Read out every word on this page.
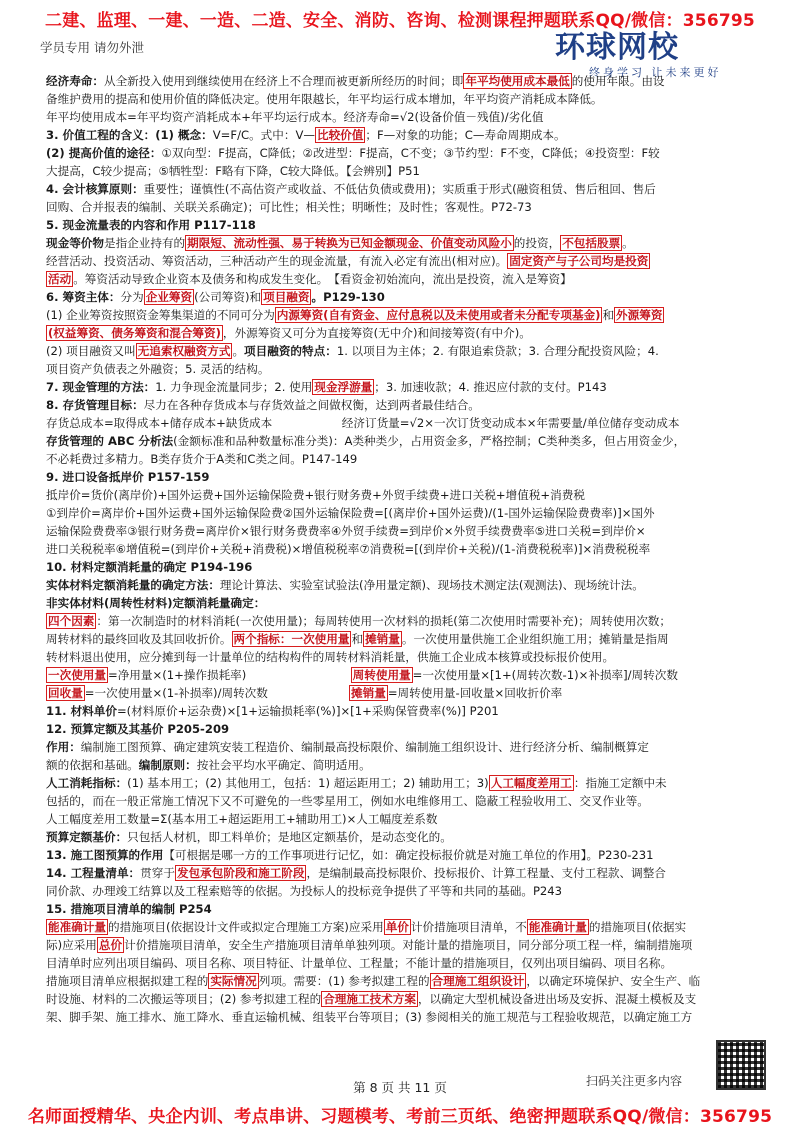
二建、监理、一建、一造、二造、安全、消防、咨询、检测课程押题联系QQ/微信：356795
学员专用 请勿外泄	环球网校
终身学习 让未来更好
经济寿命：从全新投入使用到继续使用在经济上不合理而被更新所经历的时间；即 年平均使用成本最低 的使用年限。由设
备维护费用的提高和使用价值的降低决定。使用年限越长，年平均运行成本增加，年平均资产消耗成本降低。
年平均使用成本=年平均资产消耗成本+年平均运行成本。经济寿命=√2(设备价值－残值)/劣化值
3. 价值工程的含义：(1) 概念：V=F/C。式中：V— 比较价值 ；F—对象的功能；C—寿命周期成本。
(2) 提高价值的途径：①双向型：F提高，C降低；②改进型：F提高，C不变；③节约型：F不变，C降低；④投资型：F较
大提高，C较少提高；⑤牺牲型：F略有下降，C较大降低。【会辨别】P51
4. 会计核算原则：重要性；谨慎性(不高估资产或收益、不低估负债或费用)；实质重于形式(融资租赁、售后租回、售后
回购、合并报表的编制、关联关系确定)；可比性；相关性；明晰性；及时性；客观性。P72-73
5. 现金流量表的内容和作用 P117-118
现金等价物是指企业持有的 期限短、流动性强、易于转换为已知金额现金、价值变动风险小 的投资， 不包括股票 。
经营活动、投资活动、筹资活动，三种活动产生的现金流量，有流入必定有流出(相对应)。 固定资产与子公司均是投资
活动 。筹资活动导致企业资本及债务和构成发生变化。　【看资金初始流向，流出是投资，流入是筹资】
6. 筹资主体：分为 企业筹资 (公司筹资)和 项目融资 。P129-130
(1) 企业筹资按照资金筹集渠道的不同可分为 内源筹资(自有资金、应付息税以及未使用或者未分配专项基金) 和 外源筹资
(权益筹资、债务筹资和混合筹资) ，外源筹资又可分为直接筹资(无中介)和间接筹资(有中介)。
(2) 项目融资又叫 无追索权融资方式 。项目融资的特点：1. 以项目为主体；2. 有限追索贷款；3. 合理分配投资风险；4.
项目资产负债表之外融资；5. 灵活的结构。
7. 现金管理的方法：1. 力争现金流量同步；2. 使用 现金浮游量 ；3. 加速收款；4. 推迟应付款的支付。P143
8. 存货管理目标：尽力在各种存货成本与存货效益之间做权衡，达到两者最佳结合。
存货总成本=取得成本+储存成本+缺货成本　　　　　　经济订货量=√2×一次订货变动成本×年需要量/单位储存变动成本
存货管理的 ABC 分析法(金额标准和品种数量标准分类)：A类种类少，占用资金多，严格控制；C类种类多，但占用资金少，
不必耗费过多精力。B类存货介于A类和C类之间。P147-149
9. 进口设备抵岸价 P157-159
抵岸价=货价(离岸价)+国外运费+国外运输保险费+银行财务费+外贸手续费+进口关税+增值税+消费税
①到岸价=离岸价+国外运费+国外运输保险费②国外运输保险费=[(离岸价+国外运费)/(1-国外运输保险费费率)]×国外
运输保险费费率③银行财务费=离岸价×银行财务费费率④外贸手续费=到岸价×外贸手续费费率⑤进口关税=到岸价×
进口关税税率⑥增值税=(到岸价+关税+消费税)×增值税税率⑦消费税=[(到岸价+关税)/(1-消费税税率)]×消费税税率
10. 材料定额消耗量的确定 P194-196
实体材料定额消耗量的确定方法：理论计算法、实验室试验法(净用量定额)、现场技术测定法(观测法)、现场统计法。
非实体材料(周转性材料)定额消耗量确定：
四个因素 ：第一次制造时的材料消耗(一次使用量)；每周转使用一次材料的损耗(第二次使用时需要补充)；周转使用次数；
周转材料的最终回收及其回收折价。 两个指标：一次使用量 和 摊销量 。一次使用量供施工企业组织施工用；摊销量是指周
转材料退出使用，应分摊到每一计量单位的结构构件的周转材料消耗量，供施工企业成本核算或投标报价使用。
一次使用量 =净用量×(1+操作损耗率)　　　　　　　　　周转使用量 =一次使用量×[1+(周转次数-1)×补损率]/周转次数
回收量 =一次使用量×(1-补损率)/周转次数　　　　　　　摊销量 =周转使用量-回收量×回收折价率
11. 材料单价=(材料原价+运杂费)×[1+运输损耗率(%)]×[1+采购保管费率(%)] P201
12. 预算定额及其基价 P205-209
作用：编制施工图预算、确定建筑安装工程造价、编制最高投标限价、编制施工组织设计、进行经济分析、编制概算定
额的依据和基础。编制原则：按社会平均水平确定、简明适用。
人工消耗指标：(1) 基本用工；(2) 其他用工，包括：1) 超运距用工；2) 辅助用工；3) 人工幅度差用工 ：指施工定额中未
包括的，而在一般正常施工情况下又不可避免的一些零星用工，例如水电维修用工、隐蔽工程验收用工、交叉作业等。
人工幅度差用工数量=Σ(基本用工+超运距用工+辅助用工)×人工幅度差系数
预算定额基价：只包括人材机，即工料单价；是地区定额基价，是动态变化的。
13. 施工图预算的作用【可根据是哪一方的工作事项进行记忆，如：确定投标报价就是对施工单位的作用】。P230-231
14. 工程量清单：贯穿于 发包承包阶段和施工阶段 ，是编制最高投标限价、投标报价、计算工程量、支付工程款、调整合
同价款、办理竣工结算以及工程索赔等的依据。为投标人的投标竞争提供了平等和共同的基础。P243
15. 措施项目清单的编制 P254
能准确计量 的措施项目(依据设计文件或拟定合理施工方案)应采用 单价 计价措施项目清单，不 能准确计量 的措施项目(依据实
际)应采用 总价 计价措施项目清单，安全生产措施项目清单单独列项。对能计量的措施项目，同分部分项工程一样，编制措施项
目清单时应列出项目编码、项目名称、项目特征、计量单位、工程量；不能计量的措施项目，仅列出项目编码、项目名称。
措施项目清单应根据拟建工程的 实际情况 列项。需要：(1) 参考拟建工程的 合理施工组织设计 ，以确定环境保护、安全生产、临
时设施、材料的二次搬运等项目；(2) 参考拟建工程的 合理施工技术方案 ，以确定大型机械设备进出场及安拆、混凝土模板及支
架、脚手架、施工排水、施工降水、垂直运输机械、组装平台等项目；(3) 参阅相关的施工规范与工程验收规范，以确定施工方
第 8 页 共 11 页	扫码关注更多内容
名师面授精华、央企内训、考点串讲、习题模考、考前三页纸、绝密押题联系QQ/微信：356795
